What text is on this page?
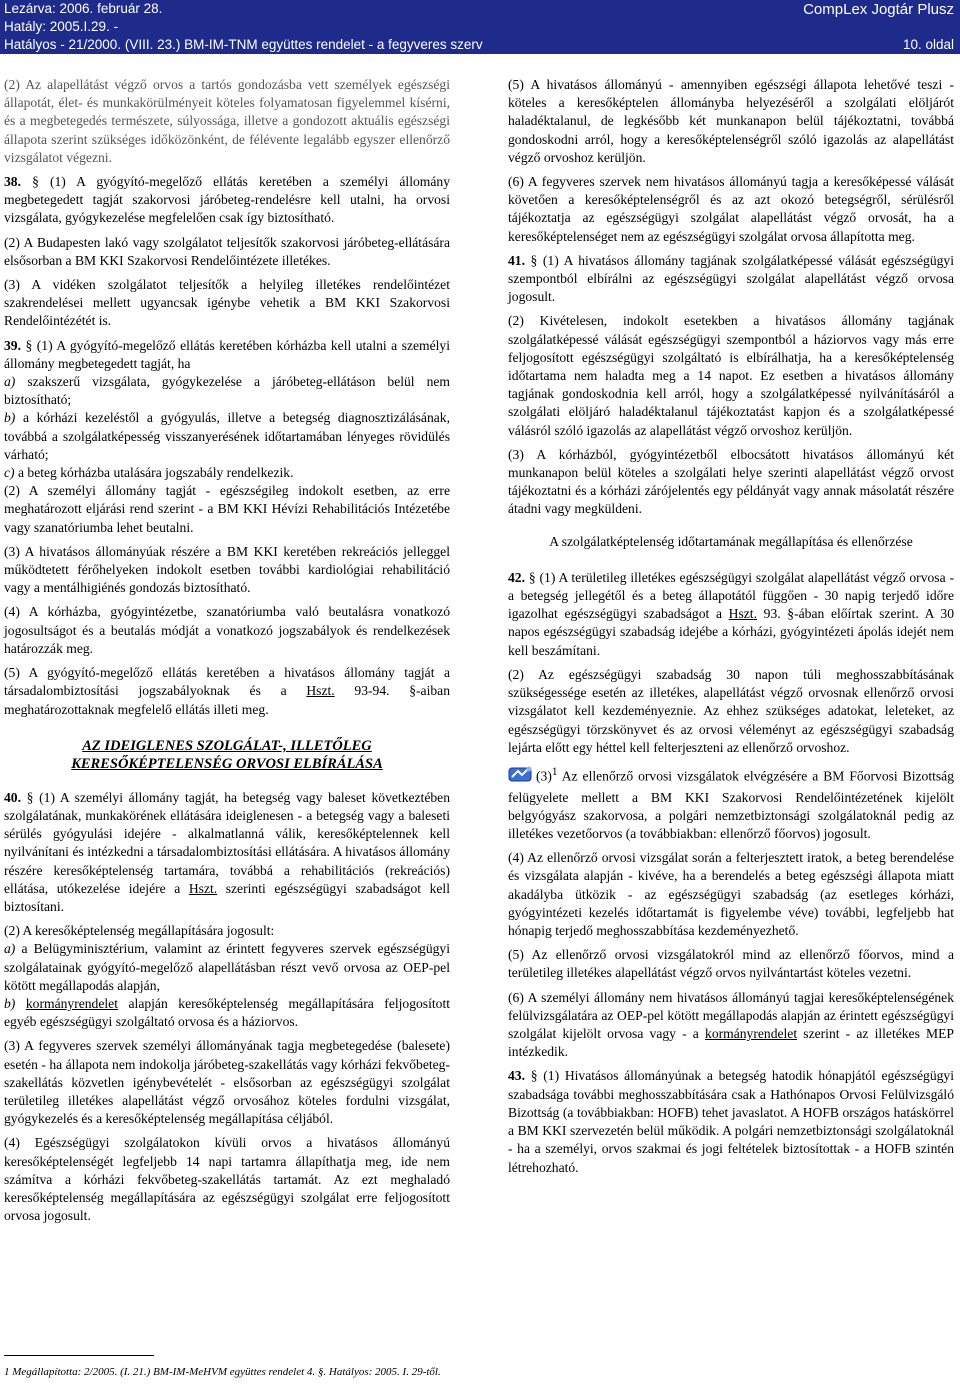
Lezárva: 2006. február 28.
Hatály: 2005.I.29. -
Hatályos - 21/2000. (VIII. 23.) BM-IM-TNM együttes rendelet - a fegyveres szerv
CompLex Jogtár Plusz
10. oldal

(2) Az alapellátást végző orvos a tartós gondozásba vett személyek egészségi állapotát, élet- és munkakörülményeit köteles folyamatosan figyelemmel kísérni, és a megbetegedés természete, súlyossága, illetve a gondozott aktuális egészségi állapota szerint szükséges időközönként, de félévente legalább egyszer ellenőrző vizsgálatot végezni.

38. § (1) A gyógyító-megelőző ellátás keretében a személyi állomány megbetegedett tagját szakorvosi járóbeteg-rendelésre kell utalni, ha orvosi vizsgálata, gyógykezelése megfelelően csak így biztosítható.

(2) A Budapesten lakó vagy szolgálatot teljesítők szakorvosi járóbeteg-ellátására elsősorban a BM KKI Szakorvosi Rendelőintézete illetékes.

(3) A vidéken szolgálatot teljesítők a helyileg illetékes rendelőintézet szakrendelései mellett ugyancsak igénybe vehetik a BM KKI Szakorvosi Rendelőintézétét is.

39. § (1) A gyógyító-megelőző ellátás keretében kórházba kell utalni a személyi állomány megbetegedett tagját, ha

a) szakszerű vizsgálata, gyógykezelése a járóbeteg-ellátáson belül nem biztosítható;

b) a kórházi kezeléstől a gyógyulás, illetve a betegség diagnosztizálásának, továbbá a szolgálatképesség visszanyerésének időtartamában lényeges rövidülés várható;

c) a beteg kórházba utalására jogszabály rendelkezik.

(2) A személyi állomány tagját - egészségileg indokolt esetben, az erre meghatározott eljárási rend szerint - a BM KKI Hévízi Rehabilitációs Intézetébe vagy szanatóriumba lehet beutalni.

(3) A hivatásos állományúak részére a BM KKI keretében rekreációs jelleggel működtetett férőhelyeken indokolt esetben további kardiológiai rehabilitáció vagy a mentálhigiénés gondozás biztosítható.

(4) A kórházba, gyógyintézetbe, szanatóriumba való beutalásra vonatkozó jogosultságot és a beutalás módját a vonatkozó jogszabályok és rendelkezések határozzák meg.

(5) A gyógyító-megelőző ellátás keretében a hivatásos állomány tagját a társadalombiztosítási jogszabályoknak és a Hszt. 93-94. §-aiban meghatározottaknak megfelelő ellátás illeti meg.

AZ IDEIGLENES SZOLGÁLAT-, ILLETŐLEG
KERESŐKÉPTELENSÉG ORVOSI ELBÍRÁLÁSA

40. § (1) A személyi állomány tagját, ha betegség vagy baleset következtében szolgálatának, munkakörének ellátására ideiglenesen - a betegség vagy a baleseti sérülés gyógyulási idejére - alkalmatlanná válik, keresőképtelennek kell nyilvánítani és intézkedni a társadalombiztosítási ellátására. A hivatásos állomány részére keresőképtelenség tartamára, továbbá a rehabilitációs (rekreációs) ellátása, utókezelése idejére a Hszt. szerinti egészségügyi szabadságot kell biztosítani.

(2) A keresőképtelenség megállapítására jogosult:

a) a Belügyminisztérium, valamint az érintett fegyveres szervek egészségügyi szolgálatainak gyógyító-megelőző alapellátásban részt vevő orvosa az OEP-pel kötött megállapodás alapján,

b) kormányrendelet alapján keresőképtelenség megállapítására feljogosított egyéb egészségügyi szolgáltató orvosa és a háziorvos.

(3) A fegyveres szervek személyi állományának tagja megbetegedése (balesete) esetén - ha állapota nem indokolja járóbeteg-szakellátás vagy kórházi fekvőbeteg-szakellátás közvetlen igénybevételét - elsősorban az egészségügyi szolgálat területileg illetékes alapellátást végző orvosához köteles fordulni vizsgálat, gyógykezelés és a keresőképtelenség megállapítása céljából.

(4) Egészségügyi szolgálatokon kívüli orvos a hivatásos állományú keresőképtelenségét legfeljebb 14 napi tartamra állapíthatja meg, ide nem számítva a kórházi fekvőbeteg-szakellátás tartamát. Az ezt meghaladó keresőképtelenség megállapítására az egészségügyi szolgálat erre feljogosított orvosa jogosult.

(5) A hivatásos állományú - amennyiben egészségi állapota lehetővé teszi - köteles a keresőképtelen állományba helyezéséről a szolgálati elöljárót haladéktalanul, de legkésőbb két munkanapon belül tájékoztatni, továbbá gondoskodni arról, hogy a keresőképtelenségről szóló igazolás az alapellátást végző orvoshoz kerüljön.

(6) A fegyveres szervek nem hivatásos állományú tagja a keresőképessé válását követően a keresőképtelenségről és az azt okozó betegségről, sérülésről tájékoztatja az egészségügyi szolgálat alapellátást végző orvosát, ha a keresőképtelenséget nem az egészségügyi szolgálat orvosa állapította meg.

41. § (1) A hivatásos állomány tagjának szolgálatképessé válását egészségügyi szempontból elbírálni az egészségügyi szolgálat alapellátást végző orvosa jogosult.

(2) Kivételesen, indokolt esetekben a hivatásos állomány tagjának szolgálatképessé válását egészségügyi szempontból a háziorvos vagy más erre feljogosított egészségügyi szolgáltató is elbírálhatja, ha a keresőképtelenség időtartama nem haladta meg a 14 napot. Ez esetben a hivatásos állomány tagjának gondoskodnia kell arról, hogy a szolgálatképessé nyilvánításáról a szolgálati elöljáró haladéktalanul tájékoztatást kapjon és a szolgálatképessé válásról szóló igazolás az alapellátást végző orvoshoz kerüljön.

(3) A kórházból, gyógyintézetből elbocsátott hivatásos állományú két munkanapon belül köteles a szolgálati helye szerinti alapellátást végző orvost tájékoztatni és a kórházi zárójelentés egy példányát vagy annak másolatát részére átadni vagy megküldeni.

A szolgálatképtelenség időtartamának megállapítása és ellenőrzése

42. § (1) A területileg illetékes egészségügyi szolgálat alapellátást végző orvosa - a betegség jellegétől és a beteg állapotától függően - 30 napig terjedő időre igazolhat egészségügyi szabadságot a Hszt. 93. §-ában előírtak szerint. A 30 napos egészségügyi szabadság idejébe a kórházi, gyógyintézeti ápolás idejét nem kell beszámítani.

(2) Az egészségügyi szabadság 30 napon túli meghosszabbításának szükségessége esetén az illetékes, alapellátást végző orvosnak ellenőrző orvosi vizsgálatot kell kezdeményeznie. Az ehhez szükséges adatokat, leleteket, az egészségügyi törzskönyvet és az orvosi véleményt az egészségügyi szabadság lejárta előtt egy héttel kell felterjeszteni az ellenőrző orvoshoz.

$(3)^1$ Az ellenőrző orvosi vizsgálatok elvégzésére a BM Főorvosi Bizottság felügyelete mellett a BM KKI Szakorvosi Rendelőintézetének kijelölt belgyógyász szakorvosa, a polgári nemzetbiztonsági szolgálatoknál pedig az illetékes vezetőorvos (a továbbiakban: ellenőrző főorvos) jogosult.

(4) Az ellenőrző orvosi vizsgálat során a felterjesztett iratok, a beteg berendelése és vizsgálata alapján - kivéve, ha a berendelés a beteg egészségi állapota miatt akadályba ütközik - az egészségügyi szabadság (az esetleges kórházi, gyógyintézeti kezelés időtartamát is figyelembe véve) további, legfeljebb hat hónapig terjedő meghosszabbítása kezdeményezhető.

(5) Az ellenőrző orvosi vizsgálatokról mind az ellenőrző főorvos, mind a területileg illetékes alapellátást végző orvos nyilvántartást köteles vezetni.

(6) A személyi állomány nem hivatásos állományú tagjai keresőképtelenségének felülvizsgálatára az OEP-pel kötött megállapodás alapján az érintett egészségügyi szolgálat kijelölt orvosa vagy - a kormányrendelet szerint - az illetékes MEP intézkedik.

43. § (1) Hivatásos állományúnak a betegség hatodik hónapjától egészségügyi szabadsága további meghosszabbítására csak a Hathónapos Orvosi Felülvizsgáló Bizottság (a továbbiakban: HOFB) tehet javaslatot. A HOFB országos hatáskörrel a BM KKI szervezetén belül működik. A polgári nemzetbiztonsági szolgálatoknál - ha a személyi, orvos szakmai és jogi feltételek biztosítottak - a HOFB szintén létrehozható.

1 Megállapította: 2/2005. (I. 21.) BM-IM-MeHVM együttes rendelet 4. §. Hatályos: 2005. I. 29-től.
